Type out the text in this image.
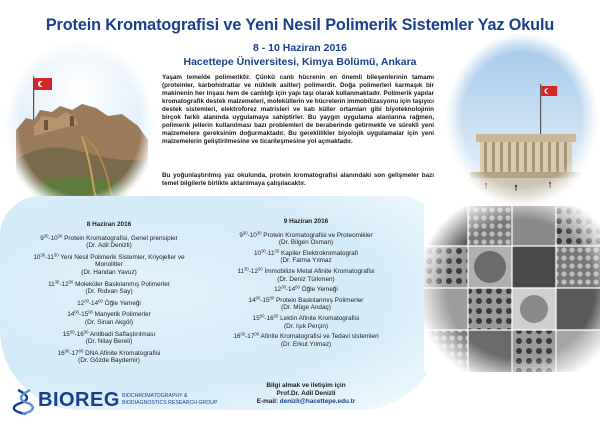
Protein Kromatografisi ve Yeni Nesil Polimerik Sistemler Yaz Okulu
8 - 10 Haziran 2016
Hacettepe Üniversitesi, Kimya Bölümü, Ankara
Yaşam temelde polimeriktir. Çünkü canlı hücrenin en önemli bileşenlerinin tamamı (proteinler, karbohidratlar ve nükleik asitler) polimerdir. Doğa polimerleri karmaşık bir makinenin her inşası hem de canlılığı için yapı taşı olarak kullanmaktadır. Polimerik yapılar kromatografik destek malzemeleri, moleküllerin ve hücrelerin immobilizasyonu için taşıyıcı destek sistemleri, elektroforez matrisleri ve katı küller ortamları gibi biyoteknolojinin birçok farklı alanında uygulamaya sahiptirler. Bu yaygın uygulama alanlarına rağmen, polimerik jellerin kullanılması bazı problemleri de beraberinde getirmekte ve sürekli yeni malzemelere gereksinim doğurmaktadır. Bu gereklilikler biyolojik uygulamalar için yeni malzemelerin geliştirilmesine ve ticarileşmesine yol açmaktadır.
Bu yoğunlaştırılmış yaz okulunda, protein kromatografisi alanındaki son gelişmeler bazı temel bilgilerle birlikte aktarılmaya çalışılacaktır.
8 Haziran 2016
$9^{30}-10^{30}$ Protein Kromatografisi, Genel prensipler
(Dr. Adil Denizli)
$10^{30}-11^{30}$ Yeni Nesil Polimerik Sistemler, Kriyojeller ve Monolitler
(Dr. Handan Yavuz)
$11^{30}-12^{30}$ Moleküler Baskılanmış Polimerler
(Dr. Rıdvan Say)
$12^{30}-14^{00}$ Öğle Yemeği
$14^{00}-15^{00}$ Manyetik Polimerler
(Dr. Sinan Akgöl)
$15^{00}-16^{00}$ Antibadi Saflaştırılması
(Dr. Nilay Bereli)
$16^{00}-17^{00}$ DNA Afinite Kromatografisi
(Dr. Gözde Baydemir)
9 Haziran 2016
$9^{30}-10^{30}$ Protein Kromatografisi ve Proteomikler
(Dr. Bilgen Osman)
$10^{30}-11^{30}$ Kapiler Elektrokromatografi
(Dr. Fatma Yılmaz
$11^{30}-12^{30}$ İmmobilize Metal Afinite Kromatografisi
(Dr. Deniz Türkmen)
$12^{30}-14^{00}$ Öğle Yemeği
$14^{00}-15^{00}$ Protein Baskılanmış Polimerler
(Dr. Müge Andaç)
$15^{00}-16^{00}$ Lektin Afinite Kromatografisi
(Dr. Işık Perçin)
$16^{00}-17^{00}$ Afinite Kromatografisi ve Tedavi sistemleri
(Dr. Erkut Yılmaz)
Bilgi almak ve iletişim için
Prof.Dr. Adil Denizli
E-mail: denizli@hacettepe.edu.tr
BIOREG BIOCHROMATOGRAPHY &
BIODIAGNOSTICS RESEARCH GROUP
